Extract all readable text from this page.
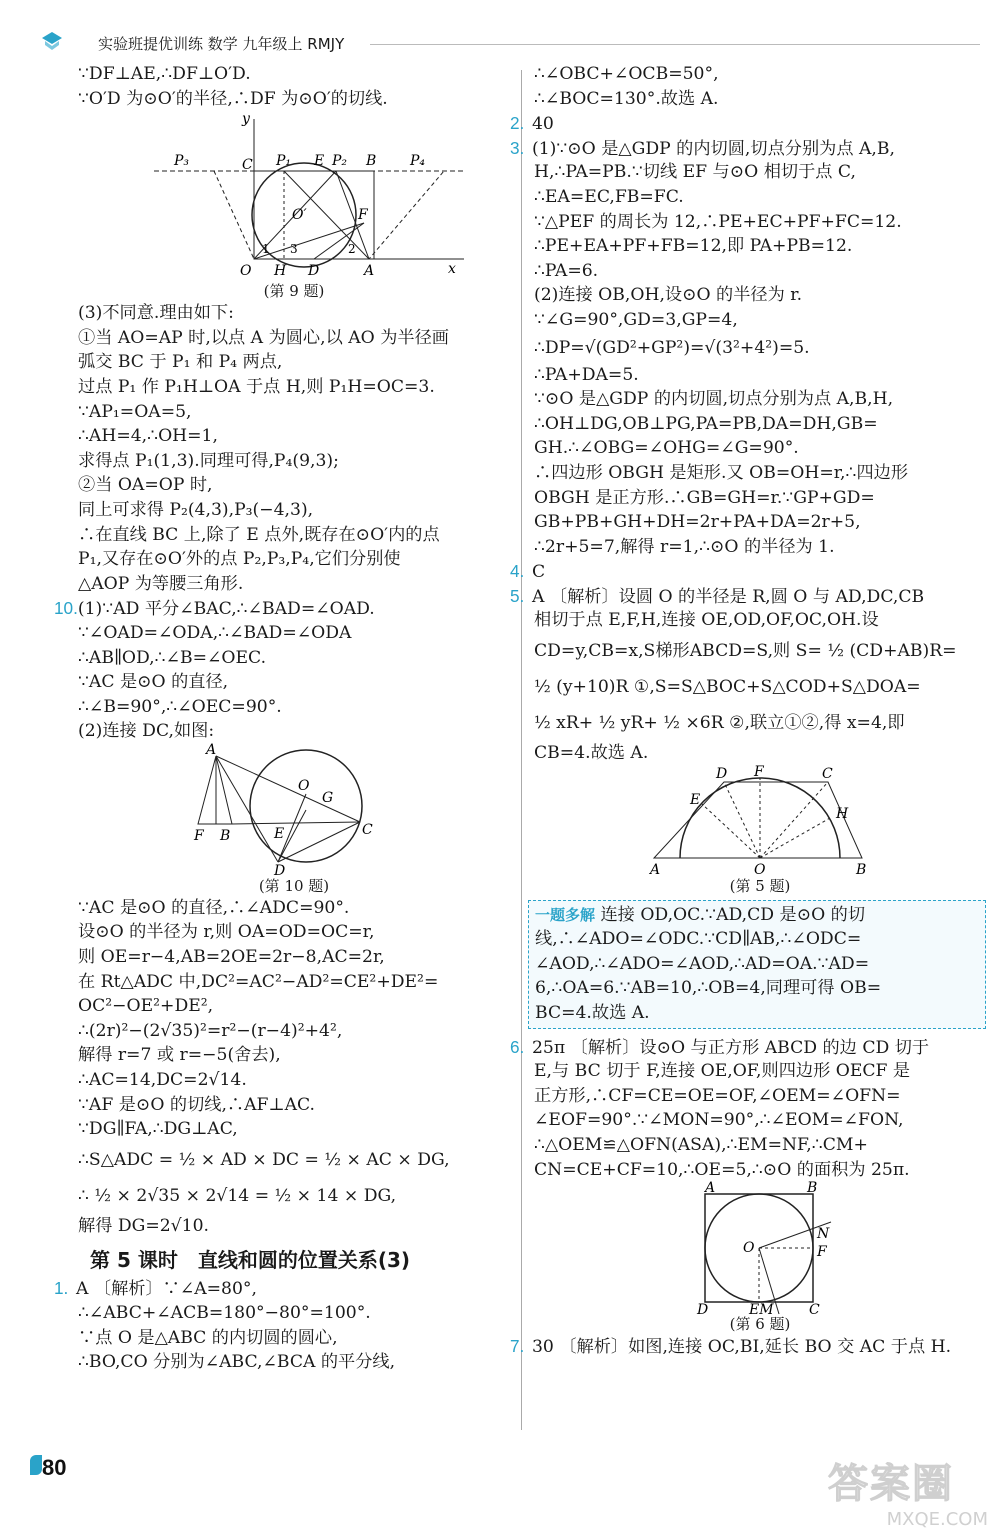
实验班提优训练 数学 九年级上 RMJY
∵DF⊥AE,∴DF⊥O′D.
∵O′D 为⊙O′的半径,∴DF 为⊙O′的切线.
y
P₃	C P₁ E P₂ B P₄
O′	F
1 3	2
O H D	A	x
(第 9 题)
(3)不同意.理由如下:
①当 AO=AP 时,以点 A 为圆心,以 AO 为半径画
弧交 BC 于 P₁ 和 P₄ 两点,
过点 P₁ 作 P₁H⊥OA 于点 H,则 P₁H=OC=3.
∵AP₁=OA=5,
∴AH=4,∴OH=1,
求得点 P₁(1,3).同理可得,P₄(9,3);
②当 OA=OP 时,
同上可求得 P₂(4,3),P₃(−4,3),
∴在直线 BC 上,除了 E 点外,既存在⊙O′内的点
P₁,又存在⊙O′外的点 P₂,P₃,P₄,它们分别使
△AOP 为等腰三角形.
10.(1)∵AD 平分∠BAC,∴∠BAD=∠OAD.
∵∠OAD=∠ODA,∴∠BAD=∠ODA
∴AB∥OD,∴∠B=∠OEC.
∵AC 是⊙O 的直径,
∴∠B=90°,∴∠OEC=90°.
(2)连接 DC,如图:
A
O
G
F B	E	C
D
(第 10 题)
∵AC 是⊙O 的直径,∴∠ADC=90°.
设⊙O 的半径为 r,则 OA=OD=OC=r,
则 OE=r−4,AB=2OE=2r−8,AC=2r,
在 Rt△ADC 中,DC²=AC²−AD²=CE²+DE²=
OC²−OE²+DE²,
∴(2r)²−(2√35)²=r²−(r−4)²+4²,
解得 r=7 或 r=−5(舍去),
∴AC=14,DC=2√14.
∵AF 是⊙O 的切线,∴AF⊥AC.
∵DG∥FA,∴DG⊥AC,
∴S△ADC = ½ × AD × DC = ½ × AC × DG,
∴ ½ × 2√35 × 2√14 = ½ × 14 × DG,
解得 DG=2√10.
第 5 课时　直线和圆的位置关系(3)
1. A 〔解析〕∵∠A=80°,
∴∠ABC+∠ACB=180°−80°=100°.
∵点 O 是△ABC 的内切圆的圆心,
∴BO,CO 分别为∠ABC,∠BCA 的平分线,
∴∠OBC+∠OCB=50°,
∴∠BOC=130°.故选 A.
2. 40
3. (1)∵⊙O 是△GDP 的内切圆,切点分别为点 A,B,
H,∴PA=PB.∵切线 EF 与⊙O 相切于点 C,
∴EA=EC,FB=FC.
∵△PEF 的周长为 12,∴PE+EC+PF+FC=12.
∴PE+EA+PF+FB=12,即 PA+PB=12.
∴PA=6.
(2)连接 OB,OH,设⊙O 的半径为 r.
∵∠G=90°,GD=3,GP=4,
∴DP=√(GD²+GP²)=√(3²+4²)=5.
∴PA+DA=5.
∵⊙O 是△GDP 的内切圆,切点分别为点 A,B,H,
∴OH⊥DG,OB⊥PG,PA=PB,DA=DH,GB=
GH.∴∠OBG=∠OHG=∠G=90°.
∴四边形 OBGH 是矩形.又 OB=OH=r,∴四边形
OBGH 是正方形.∴GB=GH=r.∵GP+GD=
GB+PB+GH+DH=2r+PA+DA=2r+5,
∴2r+5=7,解得 r=1,∴⊙O 的半径为 1.
4. C
5. A 〔解析〕设圆 O 的半径是 R,圆 O 与 AD,DC,CB
相切于点 E,F,H,连接 OE,OD,OF,OC,OH.设
CD=y,CB=x,S梯形ABCD=S,则 S= ½ (CD+AB)R=
½ (y+10)R ①,S=S△BOC+S△COD+S△DOA=
½ xR+ ½ yR+ ½ ×6R ②,联立①②,得 x=4,即
CB=4.故选 A.
D F	C
E
H
A	O	B
(第 5 题)
一题多解 连接 OD,OC.∵AD,CD 是⊙O 的切
线,∴∠ADO=∠ODC.∵CD∥AB,∴∠ODC=
∠AOD,∴∠ADO=∠AOD,∴AD=OA.∵AD=
6,∴OA=6.∵AB=10,∴OB=4,同理可得 OB=
BC=4.故选 A.
6. 25π 〔解析〕设⊙O 与正方形 ABCD 的边 CD 切于
E,与 BC 切于 F,连接 OE,OF,则四边形 OECF 是
正方形,∴CF=CE=OE=OF,∠OEM=∠OFN=
∠EOF=90°.∵∠MON=90°,∴∠EOM=∠FON,
∴△OEM≌△OFN(ASA),∴EM=NF,∴CM+
CN=CE+CF=10,∴OE=5,∴⊙O 的面积为 25π.
A	B
O
N
F
D	EM	C
(第 6 题)
7. 30 〔解析〕如图,连接 OC,BI,延长 BO 交 AC 于点 H.
80	答案圈
MXQE.COM
